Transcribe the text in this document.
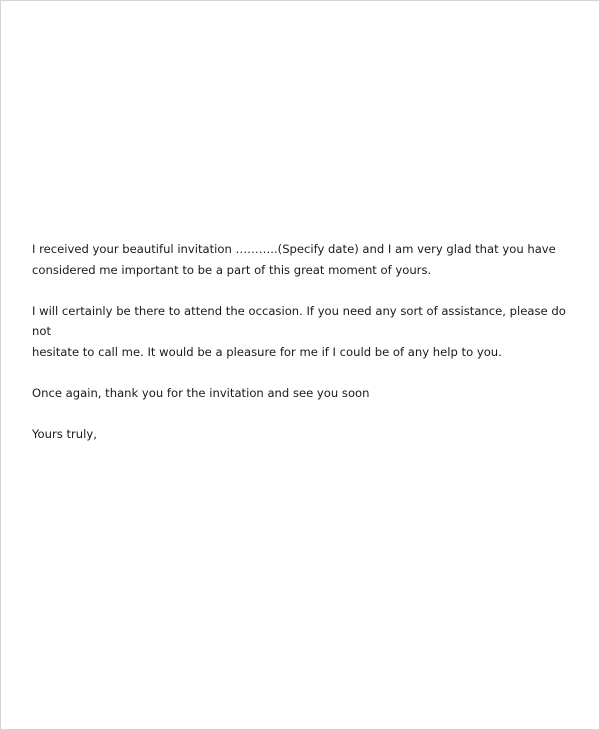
I received your beautiful invitation ………..(Specify date) and I am very glad that you have
considered me important to be a part of this great moment of yours.

I will certainly be there to attend the occasion. If you need any sort of assistance, please do not
hesitate to call me. It would be a pleasure for me if I could be of any help to you.

Once again, thank you for the invitation and see you soon

Yours truly,
